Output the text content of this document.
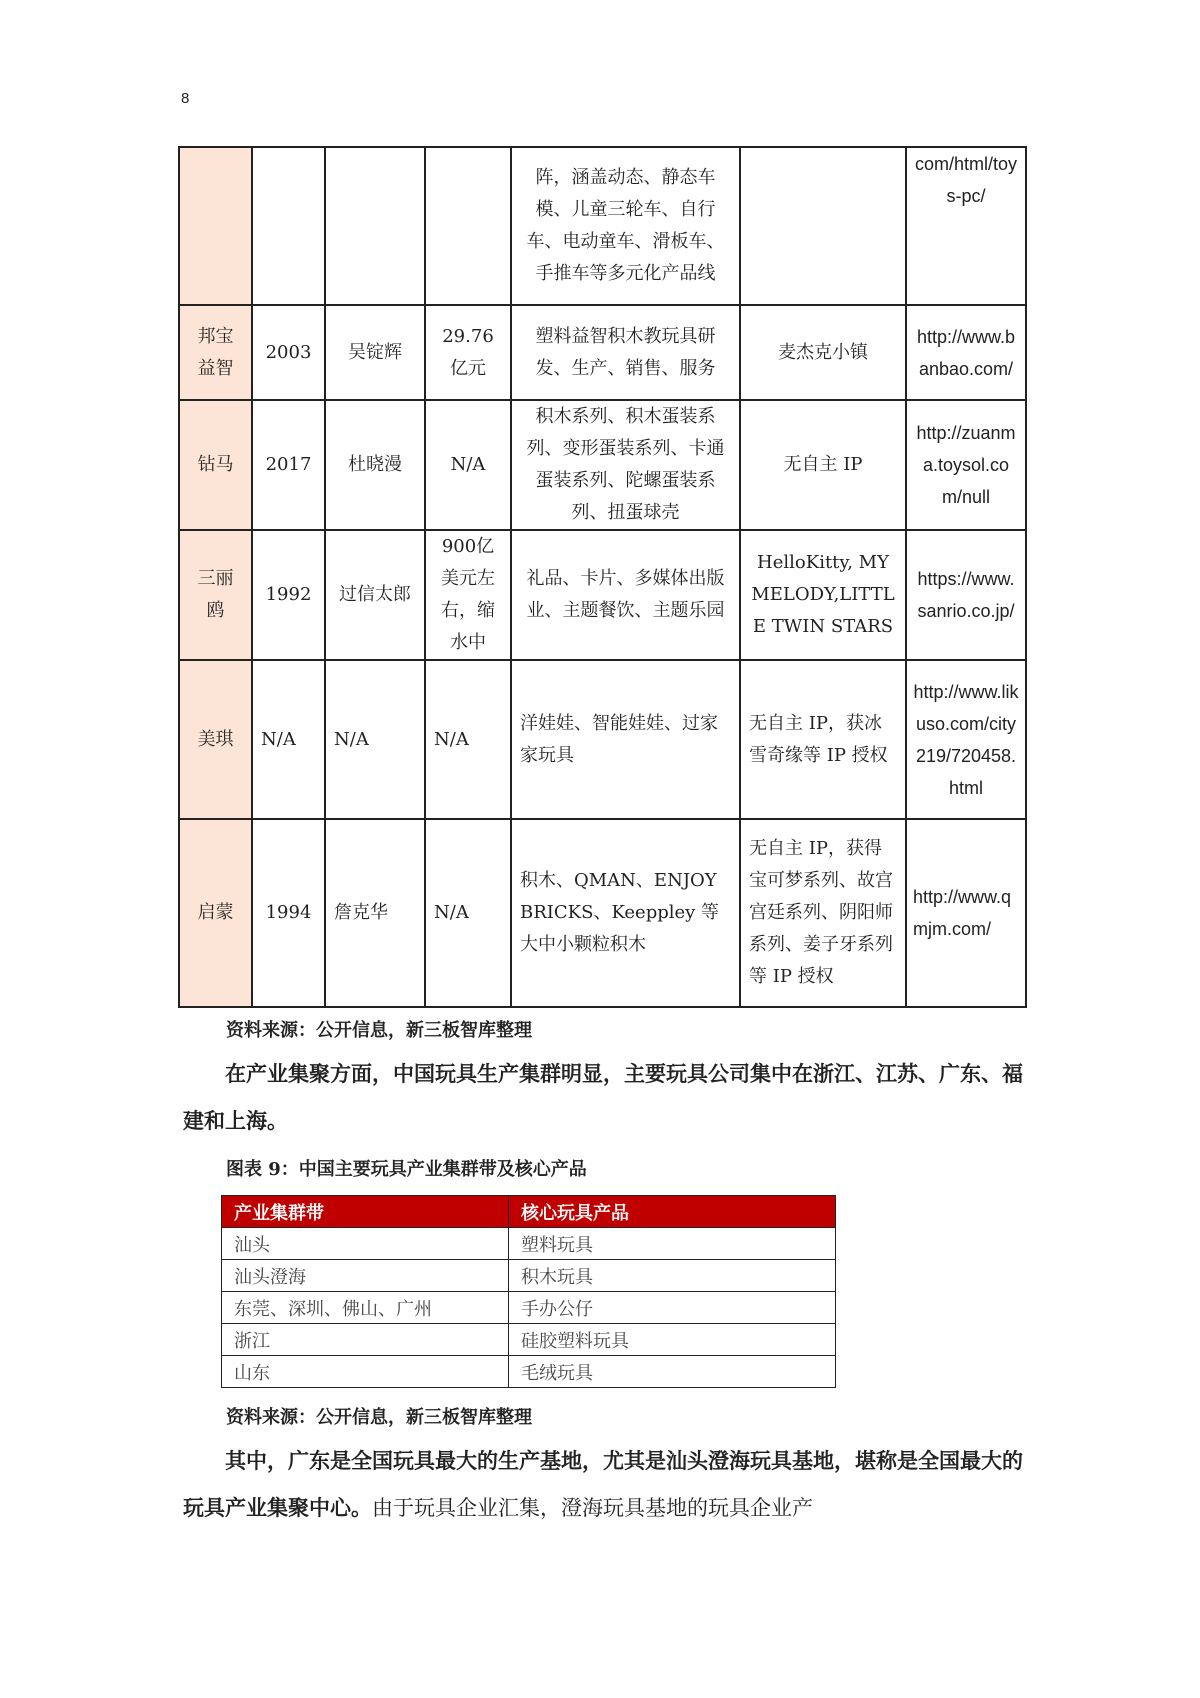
8
				阵，涵盖动态、静态车模、儿童三轮车、自行车、电动童车、滑板车、手推车等多元化产品线		com/html/toys-pc/
邦宝益智	2003	吴锭辉	29.76亿元	塑料益智积木教玩具研发、生产、销售、服务	麦杰克小镇	http://www.banbao.com/
钻马	2017	杜晓漫	N/A	积木系列、积木蛋装系列、变形蛋装系列、卡通蛋装系列、陀螺蛋装系列、扭蛋球壳	无自主 IP	http://zuanma.toysol.com/null
三丽鸥	1992	过信太郎	900亿美元左右，缩水中	礼品、卡片、多媒体出版业、主题餐饮、主题乐园	HelloKitty, MYMELODY,LITTLE TWIN STARS	https://www.sanrio.co.jp/
美琪	N/A	N/A	N/A	洋娃娃、智能娃娃、过家家玩具	无自主 IP，获冰雪奇缘等 IP 授权	http://www.likuso.com/city219/720458.html
启蒙	1994	詹克华	N/A	积木、QMAN、ENJOY BRICKS、Keeppley 等大中小颗粒积木	无自主 IP，获得宝可梦系列、故宫宫廷系列、阴阳师系列、姜子牙系列等 IP 授权	http://www.qmjm.com/
资料来源：公开信息，新三板智库整理
在产业集聚方面，中国玩具生产集群明显，主要玩具公司集中在浙江、江苏、广东、福建和上海。
图表 9：中国主要玩具产业集群带及核心产品
产业集群带	核心玩具产品
汕头	塑料玩具
汕头澄海	积木玩具
东莞、深圳、佛山、广州	手办公仔
浙江	硅胶塑料玩具
山东	毛绒玩具
资料来源：公开信息，新三板智库整理
其中，广东是全国玩具最大的生产基地，尤其是汕头澄海玩具基地，堪称是全国最大的玩具产业集聚中心。由于玩具企业汇集，澄海玩具基地的玩具企业产
